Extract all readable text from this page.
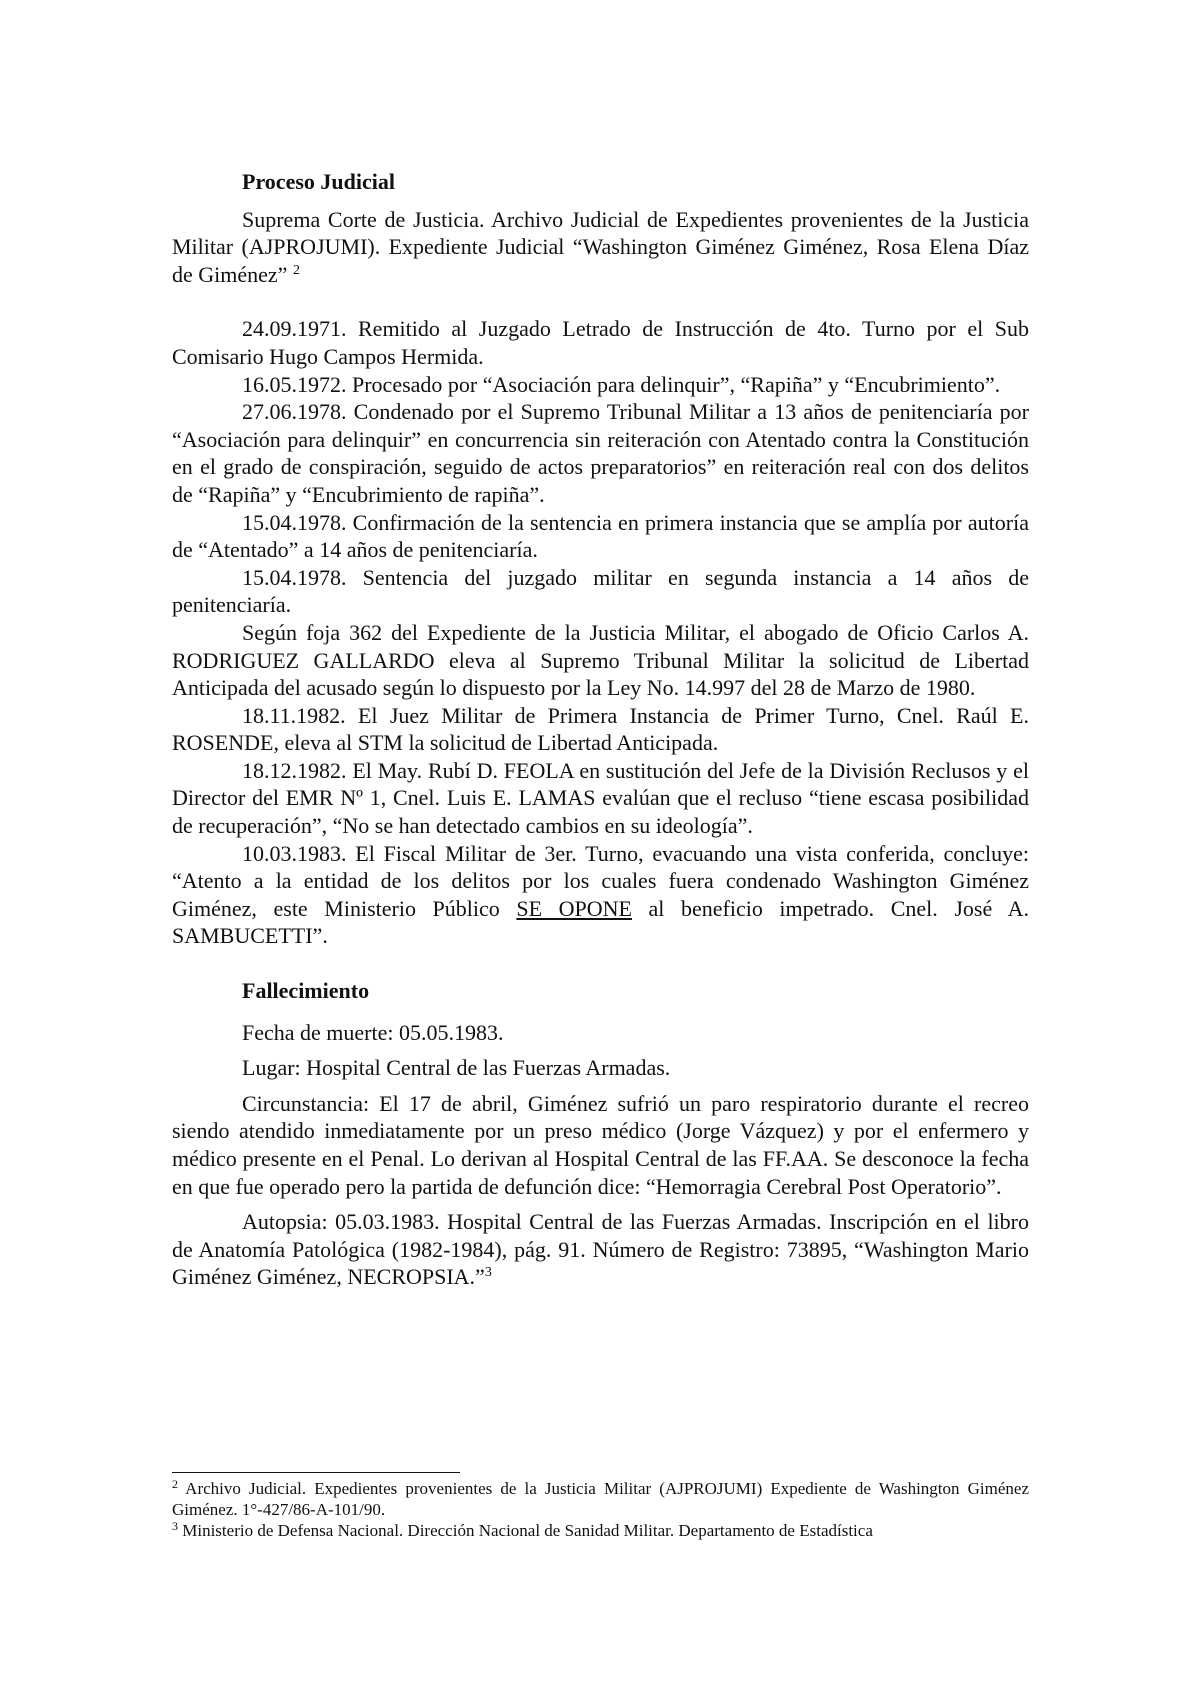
Proceso Judicial

Suprema Corte de Justicia. Archivo Judicial de Expedientes provenientes de la Justicia Militar (AJPROJUMI). Expediente Judicial “Washington Giménez Giménez, Rosa Elena Díaz de Giménez” $^2$

24.09.1971. Remitido al Juzgado Letrado de Instrucción de 4to. Turno por el Sub Comisario Hugo Campos Hermida.

16.05.1972. Procesado por “Asociación para delinquir”, “Rapiña” y “Encubrimiento”.

27.06.1978. Condenado por el Supremo Tribunal Militar a 13 años de penitenciaría por “Asociación para delinquir” en concurrencia sin reiteración con Atentado contra la Constitución en el grado de conspiración, seguido de actos preparatorios” en reiteración real con dos delitos de “Rapiña” y “Encubrimiento de rapiña”.

15.04.1978. Confirmación de la sentencia en primera instancia que se amplía por autoría de “Atentado” a 14 años de penitenciaría.

15.04.1978. Sentencia del juzgado militar en segunda instancia a 14 años de penitenciaría.

Según foja 362 del Expediente de la Justicia Militar, el abogado de Oficio Carlos A. RODRIGUEZ GALLARDO eleva al Supremo Tribunal Militar la solicitud de Libertad Anticipada del acusado según lo dispuesto por la Ley No. 14.997 del 28 de Marzo de 1980.

18.11.1982. El Juez Militar de Primera Instancia de Primer Turno, Cnel. Raúl E. ROSENDE, eleva al STM la solicitud de Libertad Anticipada.

18.12.1982. El May. Rubí D. FEOLA en sustitución del Jefe de la División Reclusos y el Director del EMR Nº 1, Cnel. Luis E. LAMAS evalúan que el recluso “tiene escasa posibilidad de recuperación”, “No se han detectado cambios en su ideología”.

10.03.1983. El Fiscal Militar de 3er. Turno, evacuando una vista conferida, concluye: “Atento a la entidad de los delitos por los cuales fuera condenado Washington Giménez Giménez, este Ministerio Público SE OPONE al beneficio impetrado. Cnel. José A. SAMBUCETTI”.

Fallecimiento

Fecha de muerte: 05.05.1983.

Lugar: Hospital Central de las Fuerzas Armadas.

Circunstancia: El 17 de abril, Giménez sufrió un paro respiratorio durante el recreo siendo atendido inmediatamente por un preso médico (Jorge Vázquez) y por el enfermero y médico presente en el Penal. Lo derivan al Hospital Central de las FF.AA. Se desconoce la fecha en que fue operado pero la partida de defunción dice: “Hemorragia Cerebral Post Operatorio”.

Autopsia: 05.03.1983. Hospital Central de las Fuerzas Armadas. Inscripción en el libro de Anatomía Patológica (1982-1984), pág. 91. Número de Registro: 73895, “Washington Mario Giménez Giménez, NECROPSIA.”$^3$

$^2$ Archivo Judicial. Expedientes provenientes de la Justicia Militar (AJPROJUMI) Expediente de Washington Giménez Giménez. 1°-427/86-A-101/90.

$^3$ Ministerio de Defensa Nacional. Dirección Nacional de Sanidad Militar. Departamento de Estadística
